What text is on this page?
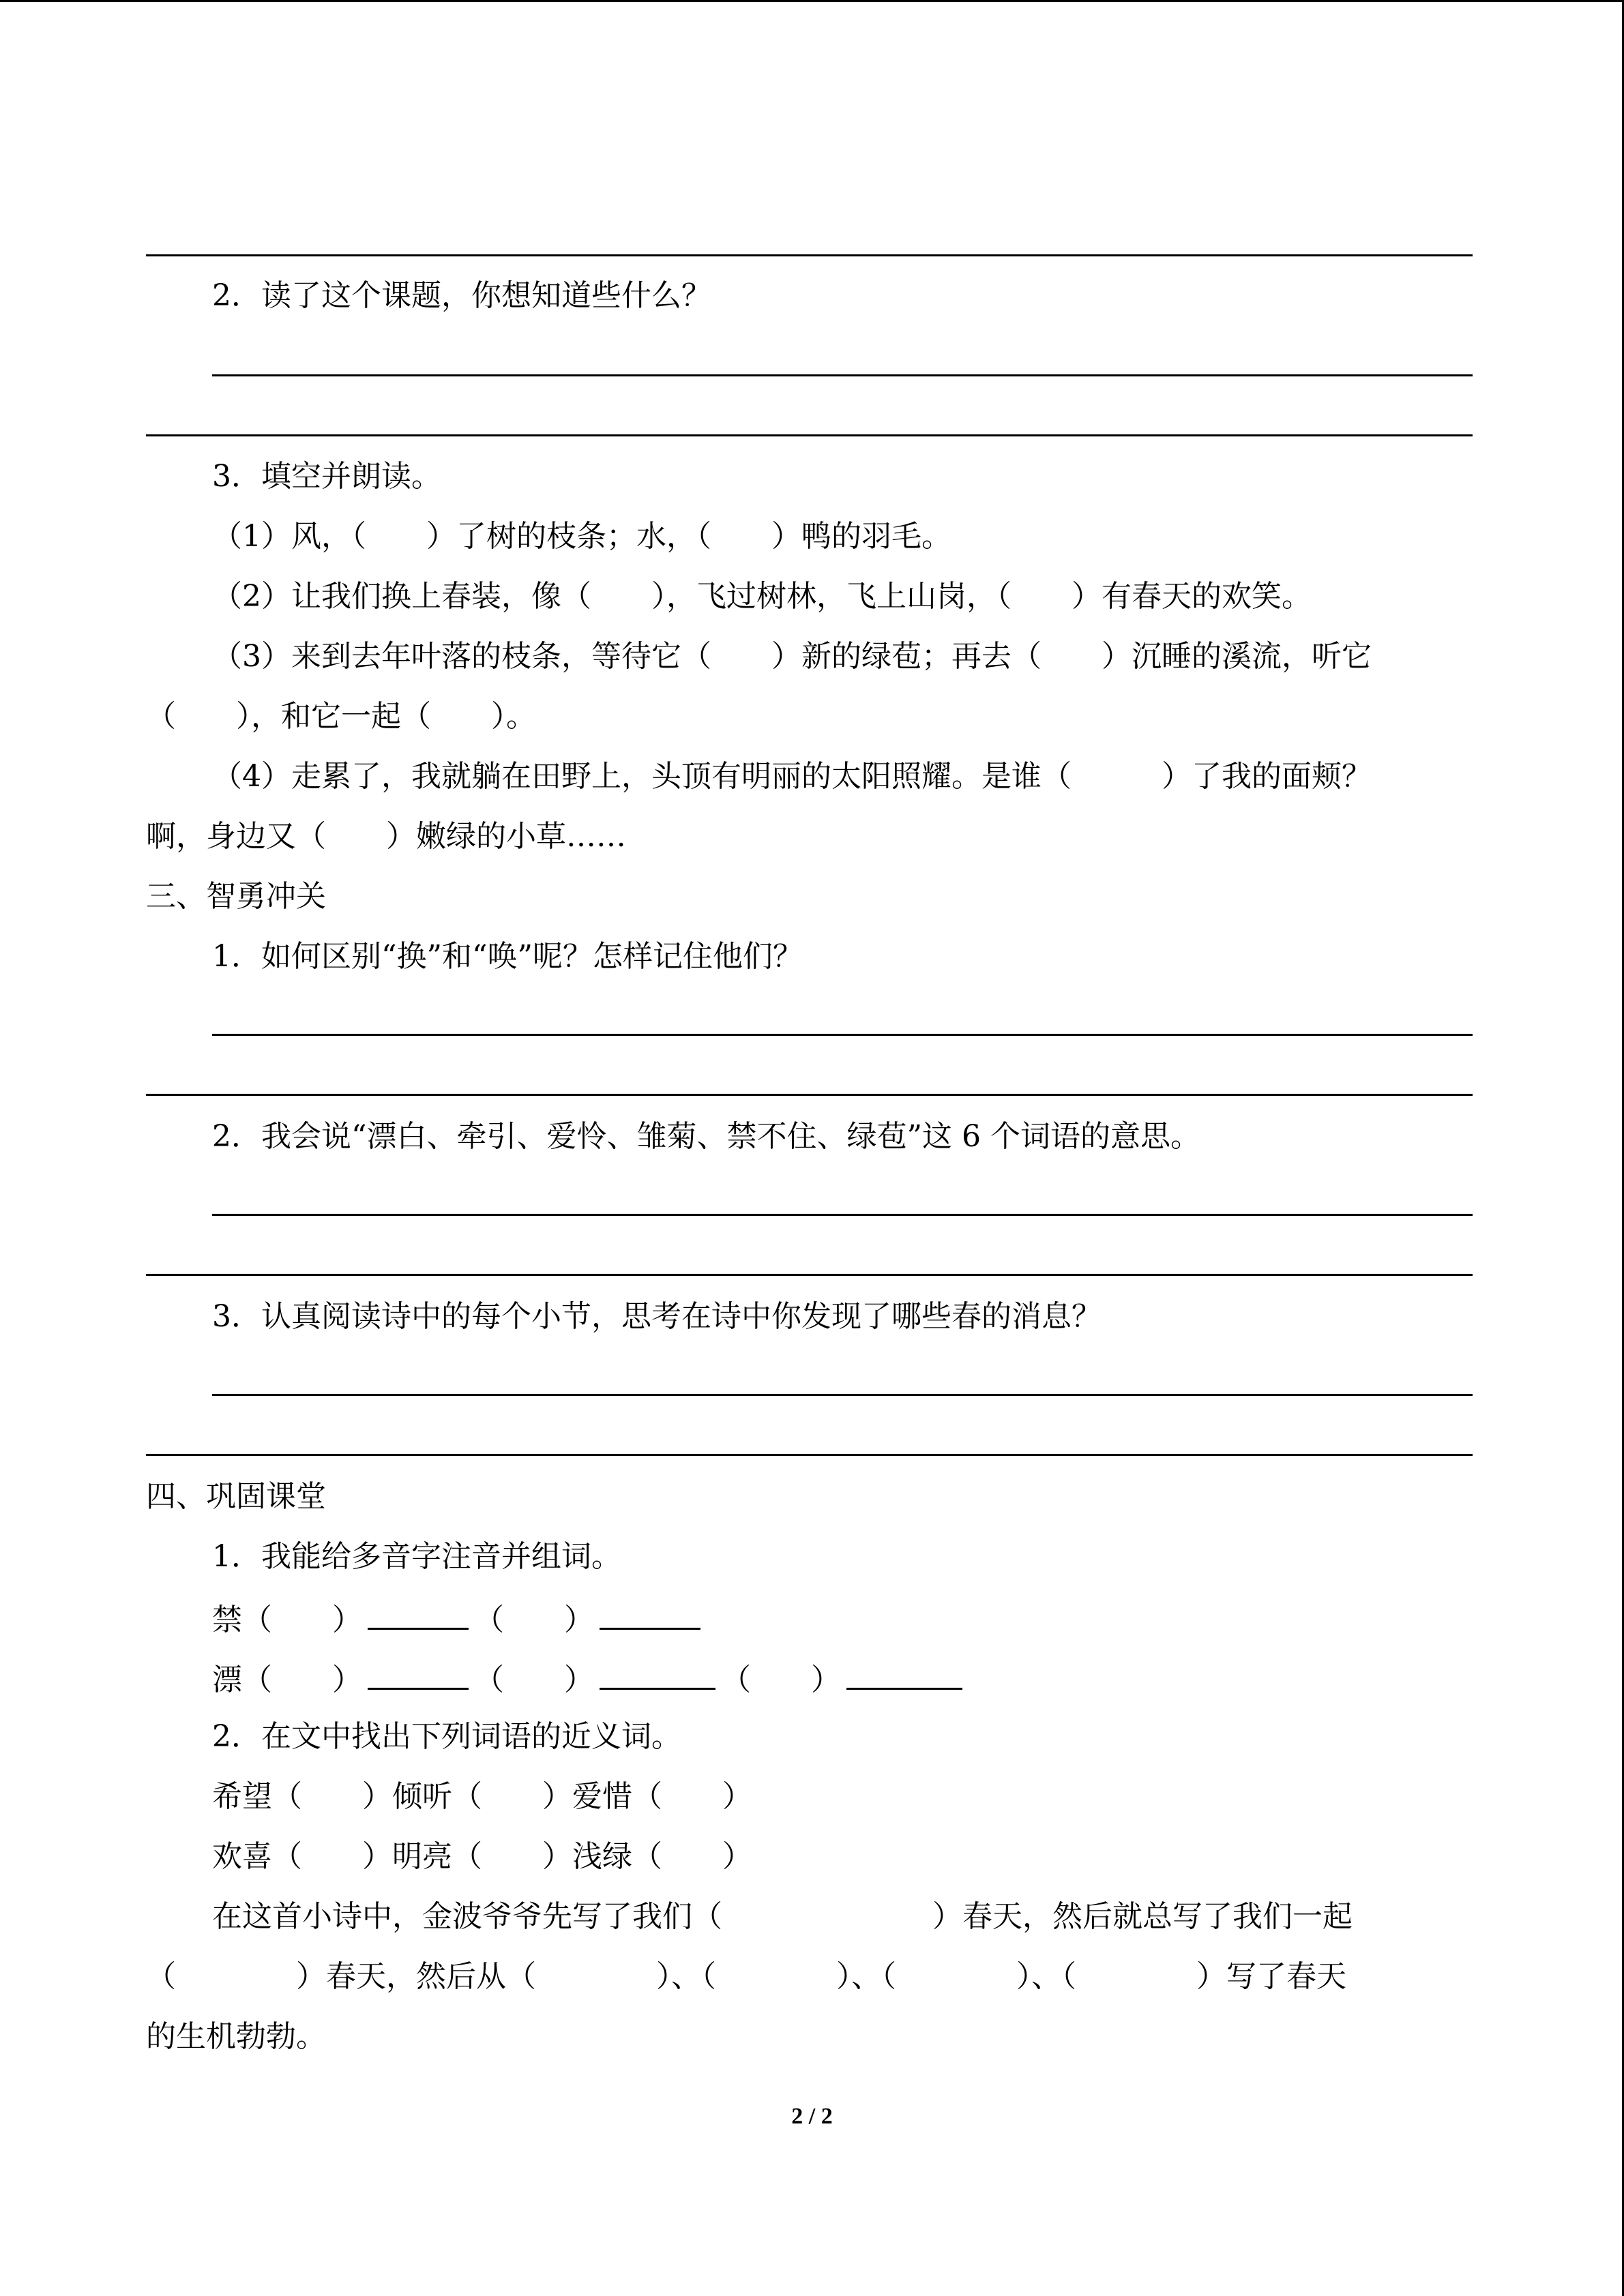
2．读了这个课题，你想知道些什么？
3．填空并朗读。
（1）风，（　　）了树的枝条；水，（　　）鸭的羽毛。
（2）让我们换上春装，像（　　），飞过树林，飞上山岗，（　　）有春天的欢笑。
（3）来到去年叶落的枝条，等待它（　　）新的绿苞；再去（　　）沉睡的溪流，听它
（　　），和它一起（　　）。
（4）走累了，我就躺在田野上，头顶有明丽的太阳照耀。是谁（　　　）了我的面颊？
啊，身边又（　　）嫩绿的小草……
三、智勇冲关
1．如何区别“换”和“唤”呢？怎样记住他们？
2．我会说“漂白、牵引、爱怜、雏菊、禁不住、绿苞”这 6 个词语的意思。
3．认真阅读诗中的每个小节，思考在诗中你发现了哪些春的消息？
四、巩固课堂
1．我能给多音字注音并组词。
禁（　　）	（　　）
漂（　　）	（　　）	（　　）
2．在文中找出下列词语的近义词。
希望（　　）倾听（　　）爱惜（　　）
欢喜（　　）明亮（　　）浅绿（　　）
在这首小诗中，金波爷爷先写了我们（　　　　　　　）春天，然后就总写了我们一起
（　　　　）春天，然后从（　　　　）、（　　　　）、（　　　　）、（　　　　）写了春天
的生机勃勃。
2 / 2
